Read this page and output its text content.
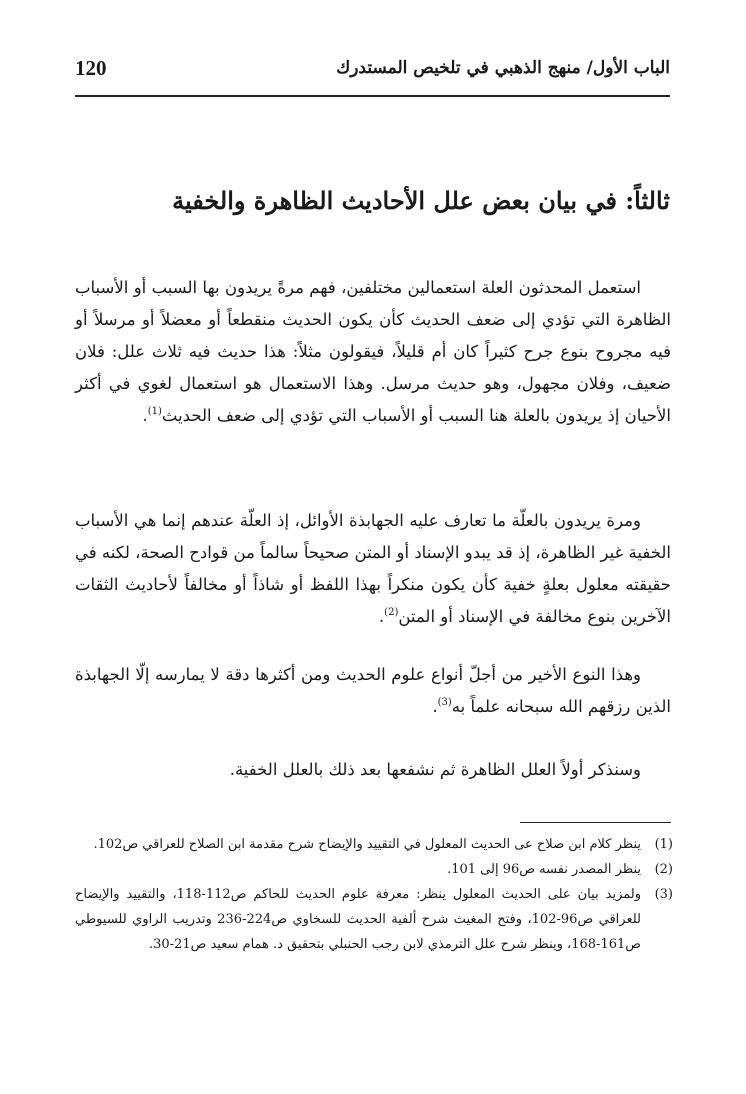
الباب الأول/ منهج الذهبي في تلخيص المستدرك
120
ثالثاً: في بيان بعض علل الأحاديث الظاهرة والخفية
استعمل المحدثون العلة استعمالين مختلفين، فهم مرةً يريدون بها السبب أو الأسباب الظاهرة التي تؤدي إلى ضعف الحديث كأن يكون الحديث منقطعاً أو معضلاً أو مرسلاً أو فيه مجروح بنوع جرح كثيراً كان أم قليلاً، فيقولون مثلاً: هذا حديث فيه ثلاث علل: فلان ضعيف، وفلان مجهول، وهو حديث مرسل. وهذا الاستعمال هو استعمال لغوي في أكثر الأحيان إذ يريدون بالعلة هنا السبب أو الأسباب التي تؤدي إلى ضعف الحديث$^{(1)}$.
ومرة يريدون بالعلّة ما تعارف عليه الجهابذة الأوائل، إذ العلّة عندهم إنما هي الأسباب الخفية غير الظاهرة، إذ قد يبدو الإسناد أو المتن صحيحاً سالماً من قوادح الصحة، لكنه في حقيقته معلول بعلةٍ خفية كأن يكون منكراً بهذا اللفظ أو شاذاً أو مخالفاً لأحاديث الثقات الآخرين بنوع مخالفة في الإسناد أو المتن$^{(2)}$.
وهذا النوع الأخير من أجلّ أنواع علوم الحديث ومن أكثرها دقة لا يمارسه إلّا الجهابذة الذين رزقهم الله سبحانه علماً به$^{(3)}$.
وسنذكر أولاً العلل الظاهرة ثم نشفعها بعد ذلك بالعلل الخفية.
(1)
ينظر كلام ابن صلاح عى الحديث المعلول في التقييد والإيضاح شرح مقدمة ابن الصلاح للعراقي ص102.
(2)
ينظر المصدر نفسه ص96 إلى 101.
(3)
ولمزيد بيان على الحديث المعلول ينظر: معرفة علوم الحديث للحاكم ص112-118، والتقييد والإيضاح للعراقي ص96-102، وفتح المغيث شرح ألفية الحديث للسخاوي ص224-236 وتدريب الراوي للسيوطي ص161-168، وينظر شرح علل الترمذي لابن رجب الحنبلي بتحقيق د. همام سعيد ص21-30.
